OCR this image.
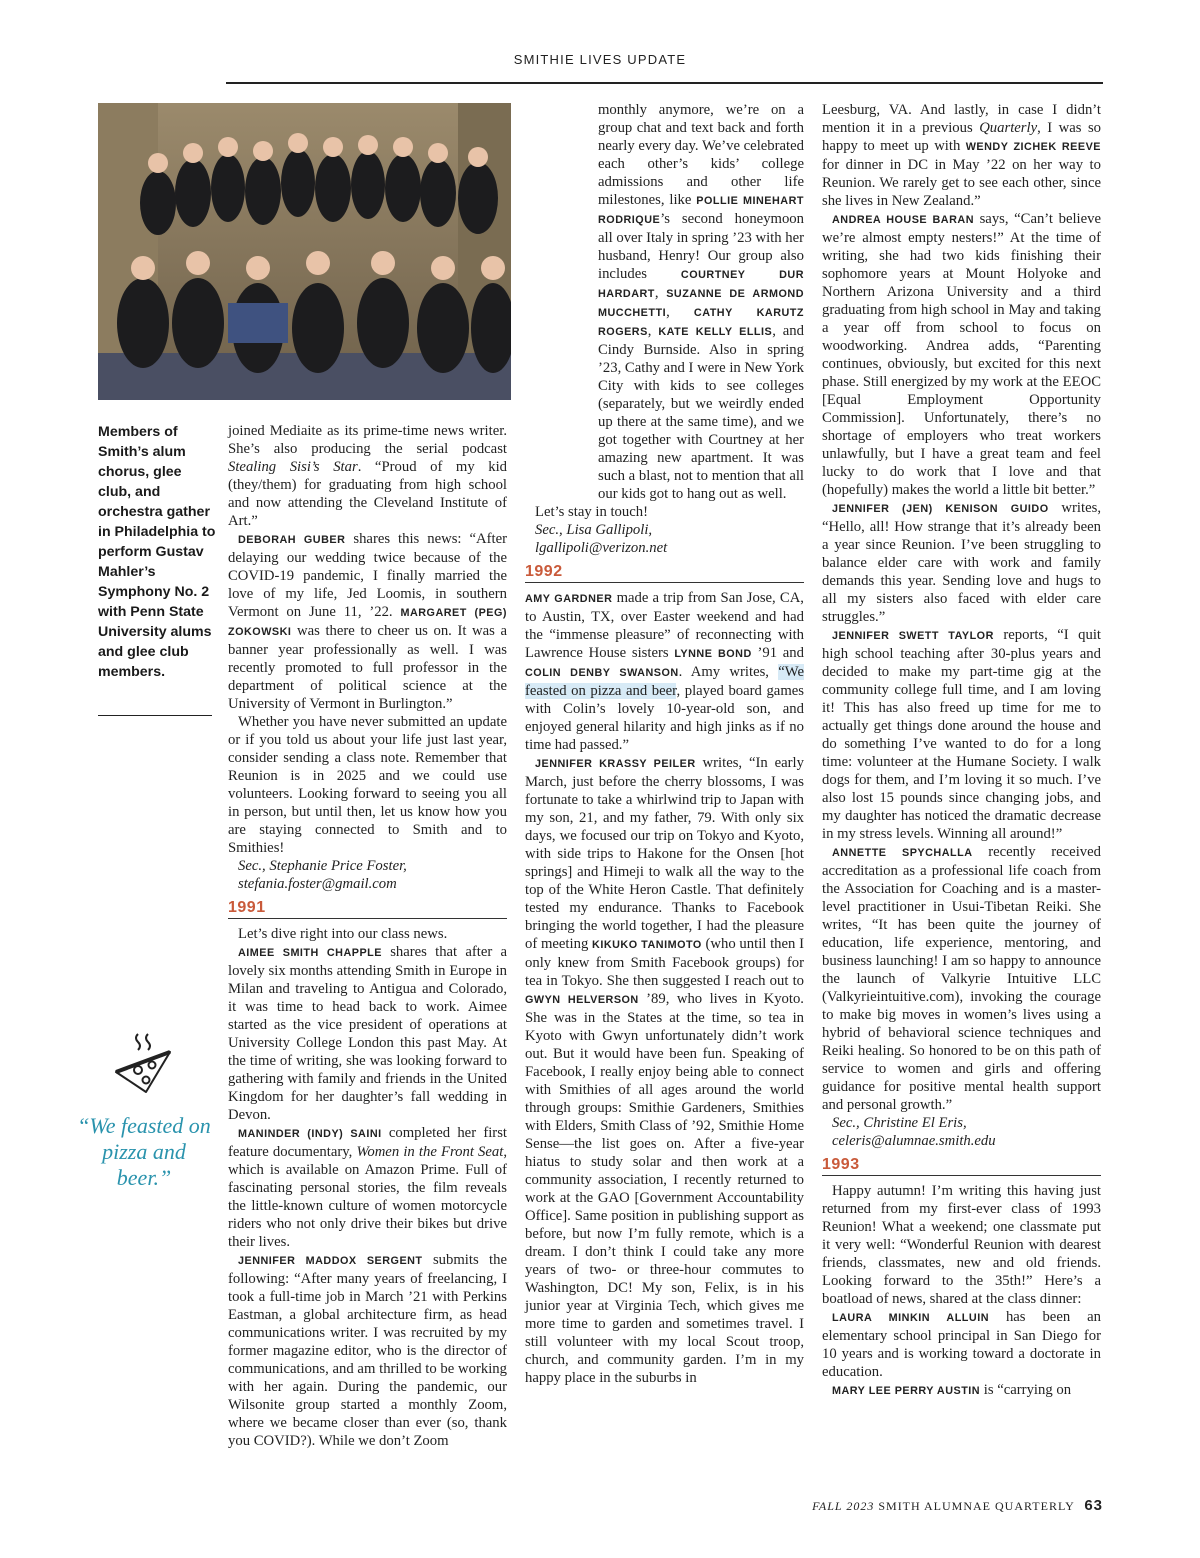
SMITHIE LIVES UPDATE
Members of Smith’s alum chorus, glee club, and orchestra gather in Philadelphia to perform Gustav Mahler’s Symphony No. 2 with Penn State University alums and glee club members.
“We feasted on pizza and beer.”

joined Mediaite as its prime-time news writer. She’s also producing the serial podcast Stealing Sisi’s Star. “Proud of my kid (they/them) for graduating from high school and now attending the Cleveland Institute of Art.”

DEBORAH GUBER shares this news: “After delaying our wedding twice because of the COVID-19 pandemic, I finally married the love of my life, Jed Loomis, in southern Vermont on June 11, ’22. MARGARET (PEG) ZOKOWSKI was there to cheer us on. It was a banner year professionally as well. I was recently promoted to full professor in the department of political science at the University of Vermont in Burlington.”

Whether you have never submitted an update or if you told us about your life just last year, consider sending a class note. Remember that Reunion is in 2025 and we could use volunteers. Looking forward to seeing you all in person, but until then, let us know how you are staying connected to Smith and to Smithies!

Sec., Stephanie Price Foster,

stefania.foster@gmail.com

1991

Let’s dive right into our class news.

AIMEE SMITH CHAPPLE shares that after a lovely six months attending Smith in Europe in Milan and traveling to Antigua and Colorado, it was time to head back to work. Aimee started as the vice president of operations at University College London this past May. At the time of writing, she was looking forward to gathering with family and friends in the United Kingdom for her daughter’s fall wedding in Devon.

MANINDER (INDY) SAINI completed her first feature documentary, Women in the Front Seat, which is available on Amazon Prime. Full of fascinating personal stories, the film reveals the little-known culture of women motorcycle riders who not only drive their bikes but drive their lives.

JENNIFER MADDOX SERGENT submits the following: “After many years of freelancing, I took a full-time job in March ’21 with Perkins Eastman, a global architecture firm, as head communications writer. I was recruited by my former magazine editor, who is the director of communications, and am thrilled to be working with her again. During the pandemic, our Wilsonite group started a monthly Zoom, where we became closer than ever (so, thank you COVID?). While we don’t Zoom

monthly anymore, we’re on a group chat and text back and forth nearly every day. We’ve celebrated each other’s kids’ college admissions and other life milestones, like POLLIE MINEHART RODRIQUE’s second honeymoon all over Italy in spring ’23 with her husband, Henry! Our group also includes COURTNEY DUR HARDART, SUZANNE DE ARMOND MUCCHETTI, CATHY KARUTZ ROGERS, KATE KELLY ELLIS, and Cindy Burnside. Also in spring ’23, Cathy and I were in New York City with kids to see colleges (separately, but we weirdly ended up there at the same time), and we got together with Courtney at her amazing new apartment. It was such a blast, not to mention that all our kids got to hang out as well.

Let’s stay in touch!

Sec., Lisa Gallipoli,

lgallipoli@verizon.net

1992

AMY GARDNER made a trip from San Jose, CA, to Austin, TX, over Easter weekend and had the “immense pleasure” of reconnecting with Lawrence House sisters LYNNE BOND ’91 and COLIN DENBY SWANSON. Amy writes, “We feasted on pizza and beer, played board games with Colin’s lovely 10-year-old son, and enjoyed general hilarity and high jinks as if no time had passed.”

JENNIFER KRASSY PEILER writes, “In early March, just before the cherry blossoms, I was fortunate to take a whirlwind trip to Japan with my son, 21, and my father, 79. With only six days, we focused our trip on Tokyo and Kyoto, with side trips to Hakone for the Onsen [hot springs] and Himeji to walk all the way to the top of the White Heron Castle. That definitely tested my endurance. Thanks to Facebook bringing the world together, I had the pleasure of meeting KIKUKO TANIMOTO (who until then I only knew from Smith Facebook groups) for tea in Tokyo. She then suggested I reach out to GWYN HELVERSON ’89, who lives in Kyoto. She was in the States at the time, so tea in Kyoto with Gwyn unfortunately didn’t work out. But it would have been fun. Speaking of Facebook, I really enjoy being able to connect with Smithies of all ages around the world through groups: Smithie Gardeners, Smithies with Elders, Smith Class of ’92, Smithie Home Sense—the list goes on. After a five-year hiatus to study solar and then work at a community association, I recently returned to work at the GAO [Government Accountability Office]. Same position in publishing support as before, but now I’m fully remote, which is a dream. I don’t think I could take any more years of two- or three-hour commutes to Washington, DC! My son, Felix, is in his junior year at Virginia Tech, which gives me more time to garden and sometimes travel. I still volunteer with my local Scout troop, church, and community garden. I’m in my happy place in the suburbs in

Leesburg, VA. And lastly, in case I didn’t mention it in a previous Quarterly, I was so happy to meet up with WENDY ZICHEK REEVE for dinner in DC in May ’22 on her way to Reunion. We rarely get to see each other, since she lives in New Zealand.”

ANDREA HOUSE BARAN says, “Can’t believe we’re almost empty nesters!” At the time of writing, she had two kids finishing their sophomore years at Mount Holyoke and Northern Arizona University and a third graduating from high school in May and taking a year off from school to focus on woodworking. Andrea adds, “Parenting continues, obviously, but excited for this next phase. Still energized by my work at the EEOC [Equal Employment Opportunity Commission]. Unfortunately, there’s no shortage of employers who treat workers unlawfully, but I have a great team and feel lucky to do work that I love and that (hopefully) makes the world a little bit better.”

JENNIFER (JEN) KENISON GUIDO writes, “Hello, all! How strange that it’s already been a year since Reunion. I’ve been struggling to balance elder care with work and family demands this year. Sending love and hugs to all my sisters also faced with elder care struggles.”

JENNIFER SWETT TAYLOR reports, “I quit high school teaching after 30-plus years and decided to make my part-time gig at the community college full time, and I am loving it! This has also freed up time for me to actually get things done around the house and do something I’ve wanted to do for a long time: volunteer at the Humane Society. I walk dogs for them, and I’m loving it so much. I’ve also lost 15 pounds since changing jobs, and my daughter has noticed the dramatic decrease in my stress levels. Winning all around!”

ANNETTE SPYCHALLA recently received accreditation as a professional life coach from the Association for Coaching and is a master-level practitioner in Usui-Tibetan Reiki. She writes, “It has been quite the journey of education, life experience, mentoring, and business launching! I am so happy to announce the launch of Valkyrie Intuitive LLC (Valkyrieintuitive.com), invoking the courage to make big moves in women’s lives using a hybrid of behavioral science techniques and Reiki healing. So honored to be on this path of service to women and girls and offering guidance for positive mental health support and personal growth.”

Sec., Christine El Eris,

celeris@alumnae.smith.edu

1993

Happy autumn! I’m writing this having just returned from my first-ever class of 1993 Reunion! What a weekend; one classmate put it very well: “Wonderful Reunion with dearest friends, classmates, new and old friends. Looking forward to the 35th!” Here’s a boatload of news, shared at the class dinner:

LAURA MINKIN ALLUIN has been an elementary school principal in San Diego for 10 years and is working toward a doctorate in education.

MARY LEE PERRY AUSTIN is “carrying on

FALL 2023 SMITH ALUMNAE QUARTERLY 63
